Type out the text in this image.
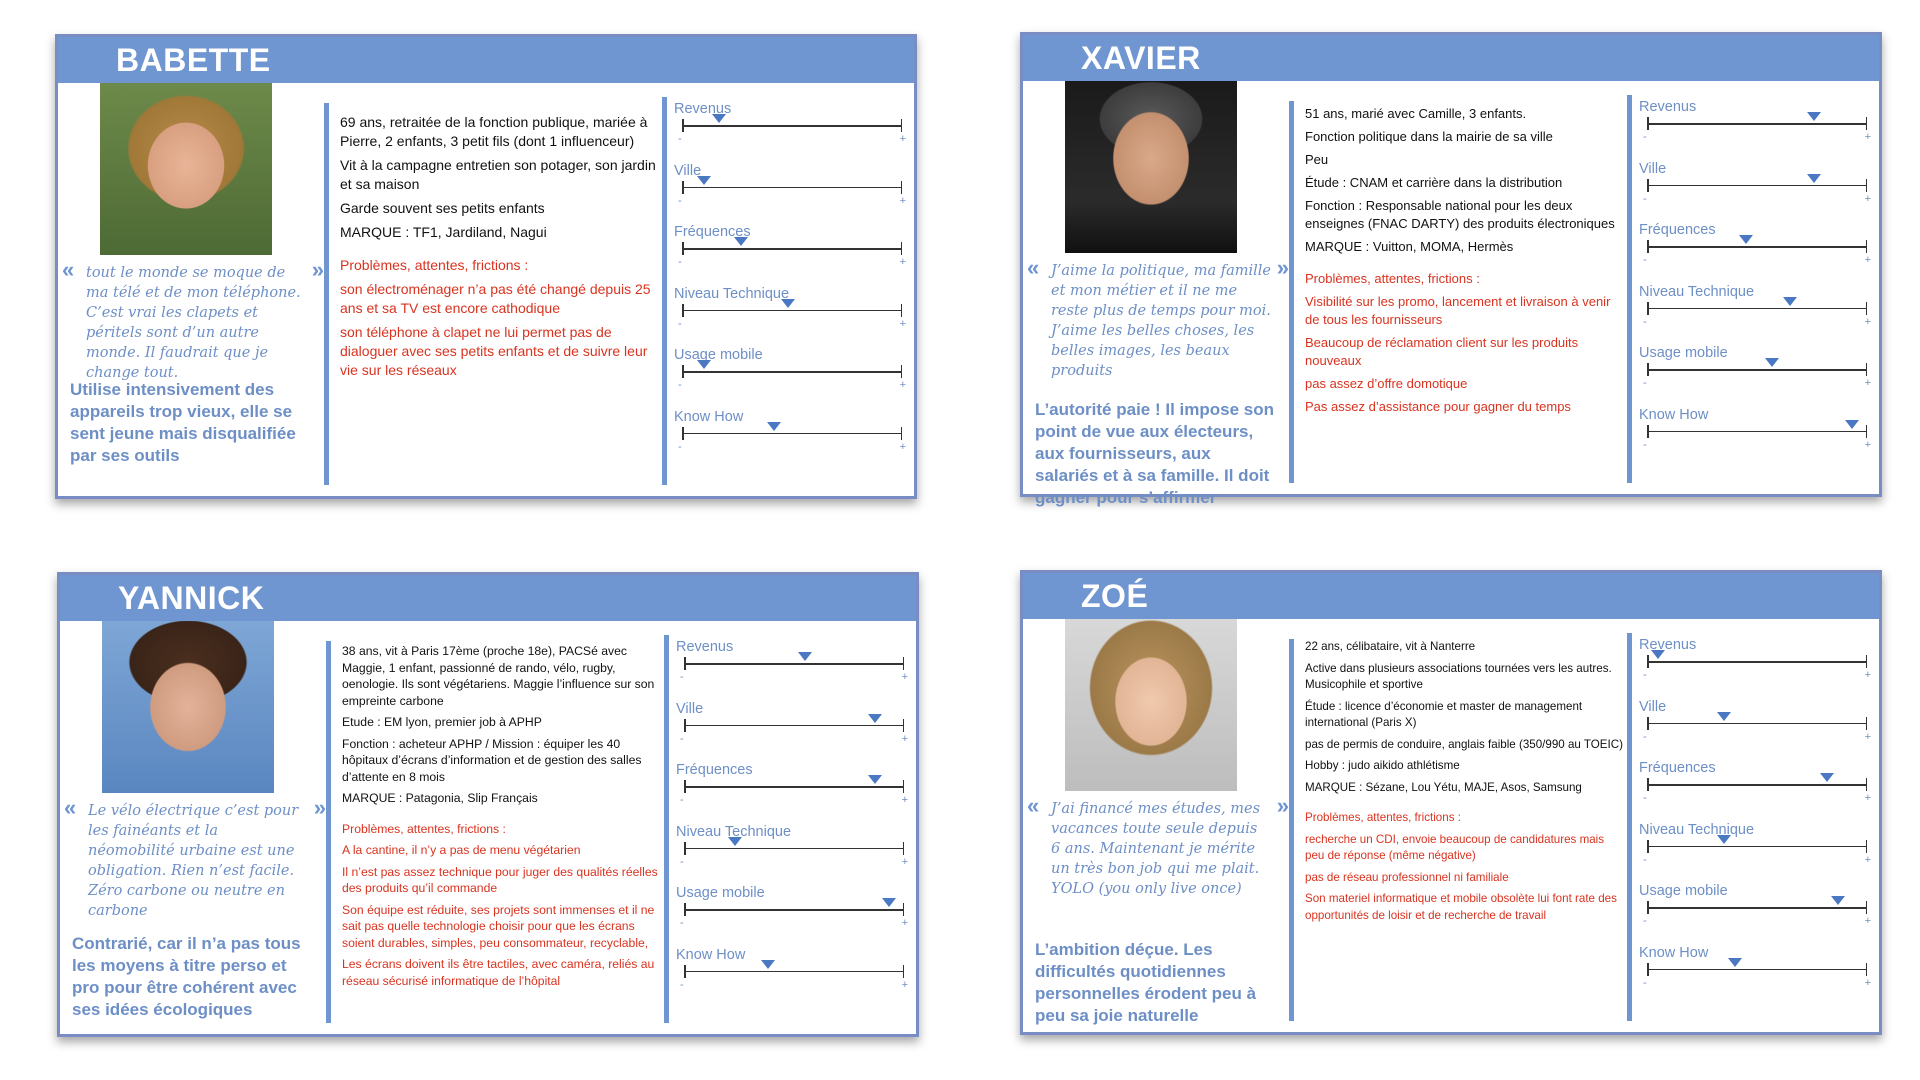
BABETTE
«	»

tout le monde se moque de ma télé et de mon téléphone. C’est vrai les clapets et péritels sont d’un autre monde. Il faudrait que je change tout.

Utilise intensivement des appareils trop vieux, elle se sent jeune mais disqualifiée par ses outils

69 ans, retraitée de la fonction publique, mariée à Pierre, 2 enfants, 3 petit fils (dont 1 influenceur)

Vit à la campagne entretien son potager, son jardin et sa maison

Garde souvent ses petits enfants

MARQUE : TF1, Jardiland, Nagui

Problèmes, attentes, frictions :

son électroménager n’a pas été changé depuis 25 ans et sa TV est encore cathodique

son téléphone à clapet ne lui permet pas de dialoguer avec ses petits enfants et de suivre leur vie sur les réseaux

Revenus
-	+
Ville
-	+
Fréquences
-	+
Niveau Technique
-	+
Usage mobile
-	+
Know How
-	+
XAVIER
«	»

J’aime la politique, ma famille et mon métier et il ne me reste plus de temps pour moi. J’aime les belles choses, les belles images, les beaux produits

L’autorité paie ! Il impose son point de vue aux électeurs, aux fournisseurs, aux salariés et à sa famille. Il doit gagner pour s’affirmer

51 ans, marié avec Camille, 3 enfants.

Fonction politique dans la mairie de sa ville

Peu

Étude : CNAM et carrière dans la distribution

Fonction : Responsable national pour les deux enseignes (FNAC DARTY) des produits électroniques

MARQUE : Vuitton, MOMA, Hermès

Problèmes, attentes, frictions :

Visibilité sur les promo, lancement et livraison à venir de tous les fournisseurs

Beaucoup de réclamation client sur les produits nouveaux

pas assez d’offre domotique

Pas assez d’assistance pour gagner du temps

Revenus
-	+
Ville
-	+
Fréquences
-	+
Niveau Technique
-	+
Usage mobile
-	+
Know How
-	+
YANNICK
«	»

Le vélo électrique c’est pour les fainéants et la néomobilité urbaine est une obligation. Rien n’est facile. Zéro carbone ou neutre en carbone

Contrarié, car il n’a pas tous les moyens à titre perso et pro pour être cohérent avec ses idées écologiques

38 ans, vit à Paris 17ème (proche 18e), PACSé avec Maggie, 1 enfant, passionné de rando, vélo, rugby, oenologie. Ils sont végétariens. Maggie l’influence sur son empreinte carbone

Etude : EM lyon, premier job à APHP

Fonction : acheteur APHP / Mission : équiper les 40 hôpitaux d’écrans d’information et de gestion des salles d’attente en 8 mois

MARQUE : Patagonia, Slip Français

Problèmes, attentes, frictions :

A la cantine, il n’y a pas de menu végétarien

Il n’est pas assez technique pour juger des qualités réelles des produits qu’il commande

Son équipe est réduite, ses projets sont immenses et il ne sait pas quelle technologie choisir pour que les écrans soient durables, simples, peu consommateur, recyclable,

Les écrans doivent ils être tactiles, avec caméra, reliés au réseau sécurisé informatique de l’hôpital

Revenus
-	+
Ville
-	+
Fréquences
-	+
Niveau Technique
-	+
Usage mobile
-	+
Know How
-	+
ZOÉ
«	»

J’ai financé mes études, mes vacances toute seule depuis 6 ans. Maintenant je mérite un très bon job qui me plait. YOLO (you only live once)

L’ambition déçue. Les difficultés quotidiennes personnelles érodent peu à peu sa joie naturelle

22 ans, célibataire, vit à Nanterre

Active dans plusieurs associations tournées vers les autres. Musicophile et sportive

Étude : licence d’économie et master de management international (Paris X)

pas de permis de conduire, anglais faible (350/990 au TOEIC)

Hobby : judo aikido athlétisme

MARQUE : Sézane, Lou Yétu, MAJE, Asos, Samsung

Problèmes, attentes, frictions :

recherche un CDI, envoie beaucoup de candidatures mais peu de réponse (même négative)

pas de réseau professionnel ni familiale

Son materiel informatique et mobile obsolète lui font rate des opportunités de loisir et de recherche de travail

Revenus
-	+
Ville
-	+
Fréquences
-	+
Niveau Technique
-	+
Usage mobile
-	+
Know How
-	+
